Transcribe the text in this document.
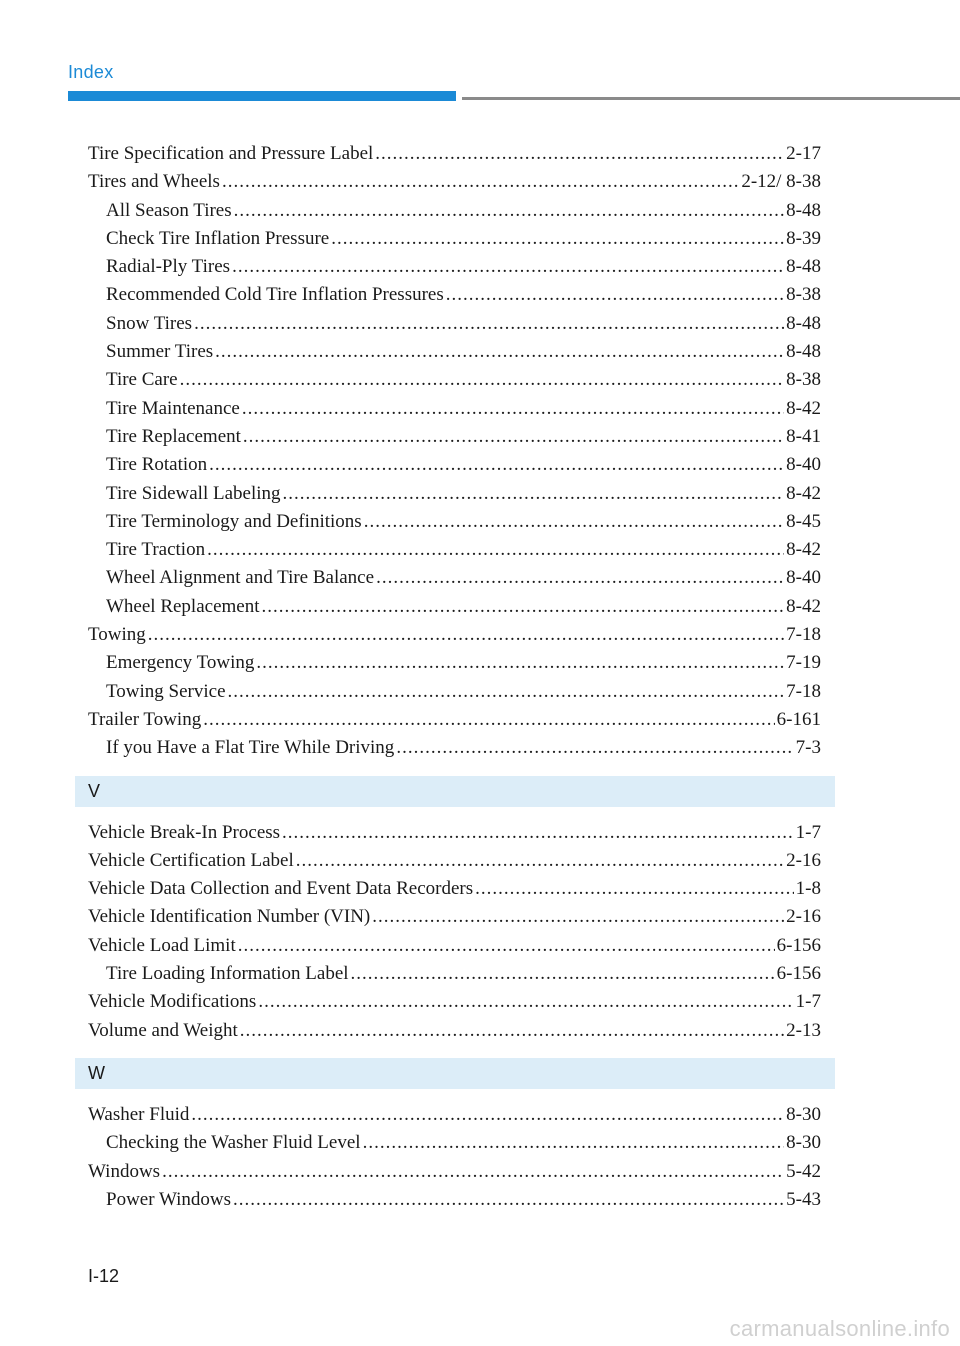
Index
Tire Specification and Pressure Label .....	2-17
Tires and Wheels .....	2-12/ 8-38
All Season Tires .....	8-48
Check Tire Inflation Pressure .....	8-39
Radial-Ply Tires .....	8-48
Recommended Cold Tire Inflation Pressures .....	8-38
Snow Tires .....	8-48
Summer Tires .....	8-48
Tire Care .....	8-38
Tire Maintenance .....	8-42
Tire Replacement .....	8-41
Tire Rotation .....	8-40
Tire Sidewall Labeling .....	8-42
Tire Terminology and Definitions .....	8-45
Tire Traction .....	8-42
Wheel Alignment and Tire Balance .....	8-40
Wheel Replacement .....	8-42
Towing .....	7-18
Emergency Towing .....	7-19
Towing Service .....	7-18
Trailer Towing .....	6-161
If you Have a Flat Tire While Driving .....	7-3
V
Vehicle Break-In Process .....	1-7
Vehicle Certification Label .....	2-16
Vehicle Data Collection and Event Data Recorders .....	1-8
Vehicle Identification Number (VIN) .....	2-16
Vehicle Load Limit .....	6-156
Tire Loading Information Label .....	6-156
Vehicle Modifications .....	1-7
Volume and Weight .....	2-13
W
Washer Fluid .....	8-30
Checking the Washer Fluid Level .....	8-30
Windows .....	5-42
Power Windows .....	5-43
I-12
carmanualsonline.info
